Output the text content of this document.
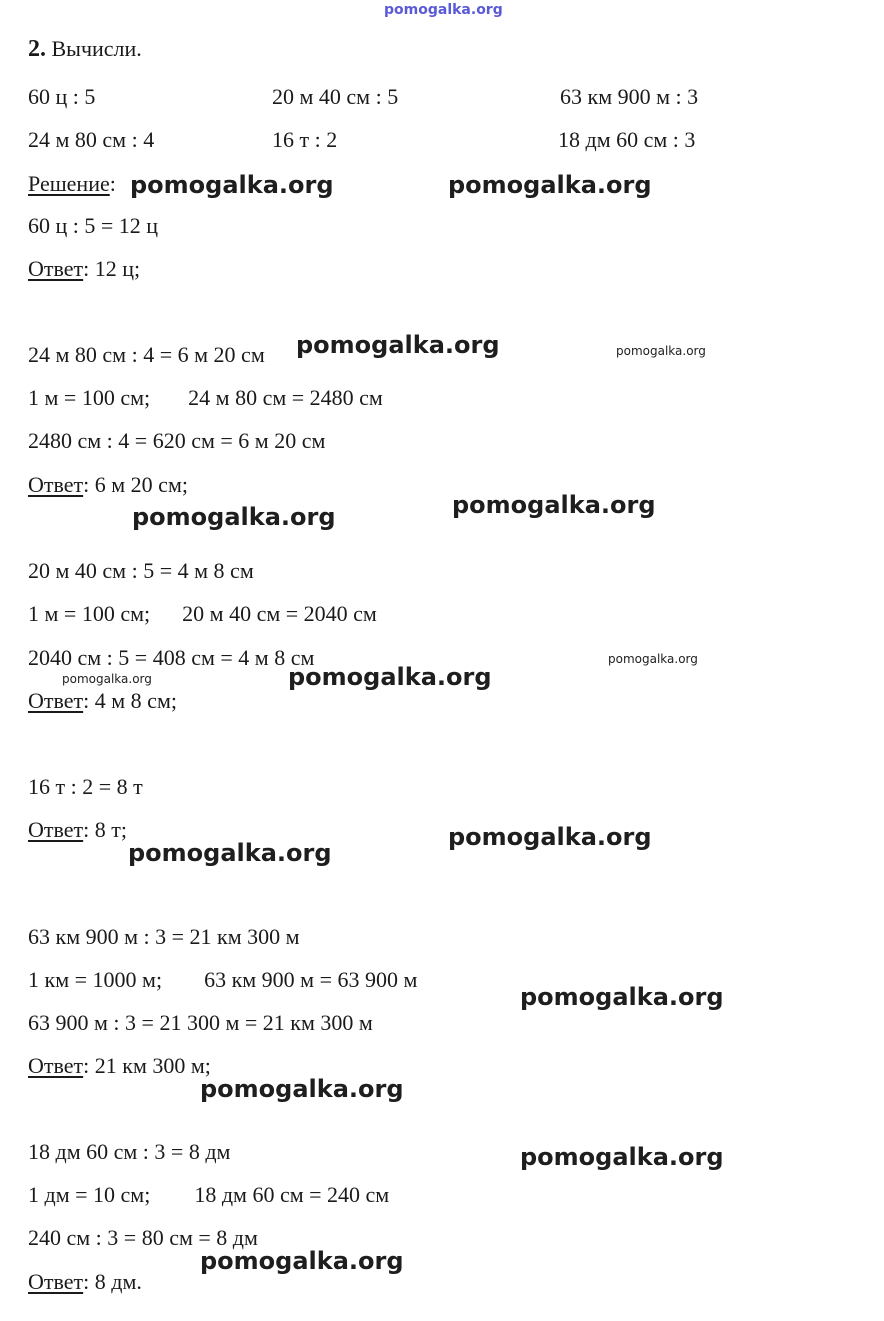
pomogalka.org
2. Вычисли.
60 ц : 5	20 м 40 см : 5	63 км 900 м : 3
24 м 80 см : 4	16 т : 2	18 дм 60 см : 3
Решение:
60 ц : 5 = 12 ц
Ответ: 12 ц;
24 м 80 см : 4 = 6 м 20 см
1 м = 100 см; 24 м 80 см = 2480 см
2480 см : 4 = 620 см = 6 м 20 см
Ответ: 6 м 20 см;
20 м 40 см : 5 = 4 м 8 см
1 м = 100 см; 20 м 40 см = 2040 см
2040 см : 5 = 408 см = 4 м 8 см
Ответ: 4 м 8 см;
16 т : 2 = 8 т
Ответ: 8 т;
63 км 900 м : 3 = 21 км 300 м
1 км = 1000 м; 63 км 900 м = 63 900 м
63 900 м : 3 = 21 300 м = 21 км 300 м
Ответ: 21 км 300 м;
18 дм 60 см : 3 = 8 дм
1 дм = 10 см; 18 дм 60 см = 240 см
240 см : 3 = 80 см = 8 дм
Ответ: 8 дм.
pomogalka.org	pomogalka.org
pomogalka.org	pomogalka.org
pomogalka.org
pomogalka.org
pomogalka.org
pomogalka.org	pomogalka.org
pomogalka.org
pomogalka.org
pomogalka.org
pomogalka.org
pomogalka.org
pomogalka.org
